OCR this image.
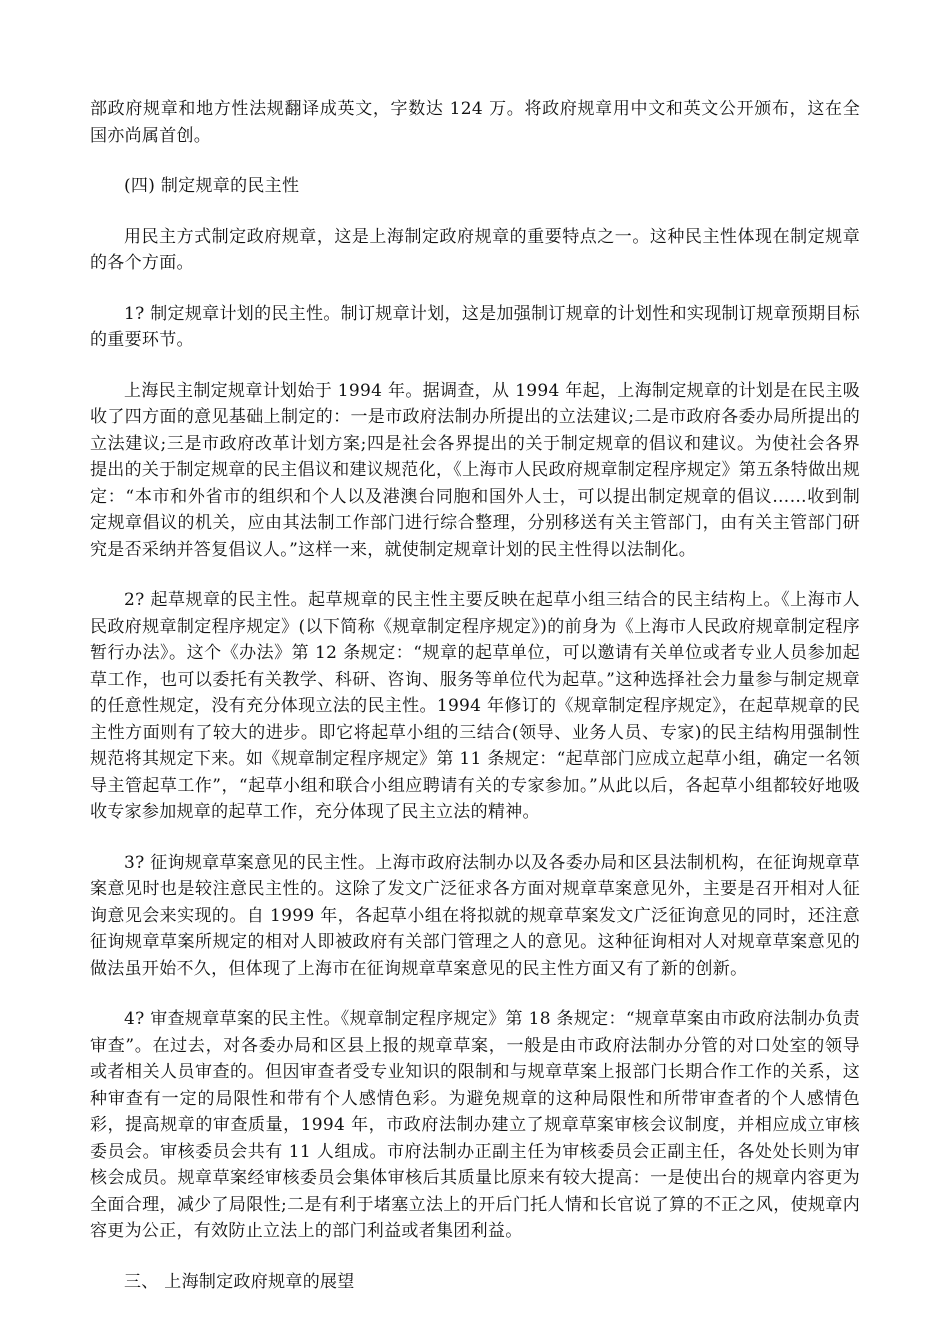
部政府规章和地方性法规翻译成英文，字数达 124 万。将政府规章用中文和英文公开颁布，这在全国亦尚属首创。

(四) 制定规章的民主性

用民主方式制定政府规章，这是上海制定政府规章的重要特点之一。这种民主性体现在制定规章的各个方面。

1? 制定规章计划的民主性。制订规章计划，这是加强制订规章的计划性和实现制订规章预期目标的重要环节。

上海民主制定规章计划始于 1994 年。据调查，从 1994 年起，上海制定规章的计划是在民主吸收了四方面的意见基础上制定的：一是市政府法制办所提出的立法建议;二是市政府各委办局所提出的立法建议;三是市政府改革计划方案;四是社会各界提出的关于制定规章的倡议和建议。为使社会各界提出的关于制定规章的民主倡议和建议规范化，《上海市人民政府规章制定程序规定》第五条特做出规定：“本市和外省市的组织和个人以及港澳台同胞和国外人士，可以提出制定规章的倡议……收到制定规章倡议的机关，应由其法制工作部门进行综合整理，分别移送有关主管部门，由有关主管部门研究是否采纳并答复倡议人。”这样一来，就使制定规章计划的民主性得以法制化。

2? 起草规章的民主性。起草规章的民主性主要反映在起草小组三结合的民主结构上。《上海市人民政府规章制定程序规定》(以下简称《规章制定程序规定》)的前身为《上海市人民政府规章制定程序暂行办法》。这个《办法》第 12 条规定：“规章的起草单位，可以邀请有关单位或者专业人员参加起草工作，也可以委托有关教学、科研、咨询、服务等单位代为起草。”这种选择社会力量参与制定规章的任意性规定，没有充分体现立法的民主性。1994 年修订的《规章制定程序规定》，在起草规章的民主性方面则有了较大的进步。即它将起草小组的三结合(领导、业务人员、专家)的民主结构用强制性规范将其规定下来。如《规章制定程序规定》第 11 条规定：“起草部门应成立起草小组，确定一名领导主管起草工作”，“起草小组和联合小组应聘请有关的专家参加。”从此以后，各起草小组都较好地吸收专家参加规章的起草工作，充分体现了民主立法的精神。

3? 征询规章草案意见的民主性。上海市政府法制办以及各委办局和区县法制机构，在征询规章草案意见时也是较注意民主性的。这除了发文广泛征求各方面对规章草案意见外，主要是召开相对人征询意见会来实现的。自 1999 年，各起草小组在将拟就的规章草案发文广泛征询意见的同时，还注意征询规章草案所规定的相对人即被政府有关部门管理之人的意见。这种征询相对人对规章草案意见的做法虽开始不久，但体现了上海市在征询规章草案意见的民主性方面又有了新的创新。

4? 审查规章草案的民主性。《规章制定程序规定》第 18 条规定：“规章草案由市政府法制办负责审查”。在过去，对各委办局和区县上报的规章草案，一般是由市政府法制办分管的对口处室的领导或者相关人员审查的。但因审查者受专业知识的限制和与规章草案上报部门长期合作工作的关系，这种审查有一定的局限性和带有个人感情色彩。为避免规章的这种局限性和所带审查者的个人感情色彩，提高规章的审查质量，1994 年，市政府法制办建立了规章草案审核会议制度，并相应成立审核委员会。审核委员会共有 11 人组成。市府法制办正副主任为审核委员会正副主任，各处处长则为审核会成员。规章草案经审核委员会集体审核后其质量比原来有较大提高：一是使出台的规章内容更为全面合理，减少了局限性;二是有利于堵塞立法上的开后门托人情和长官说了算的不正之风，使规章内容更为公正，有效防止立法上的部门利益或者集团利益。

三、 上海制定政府规章的展望
